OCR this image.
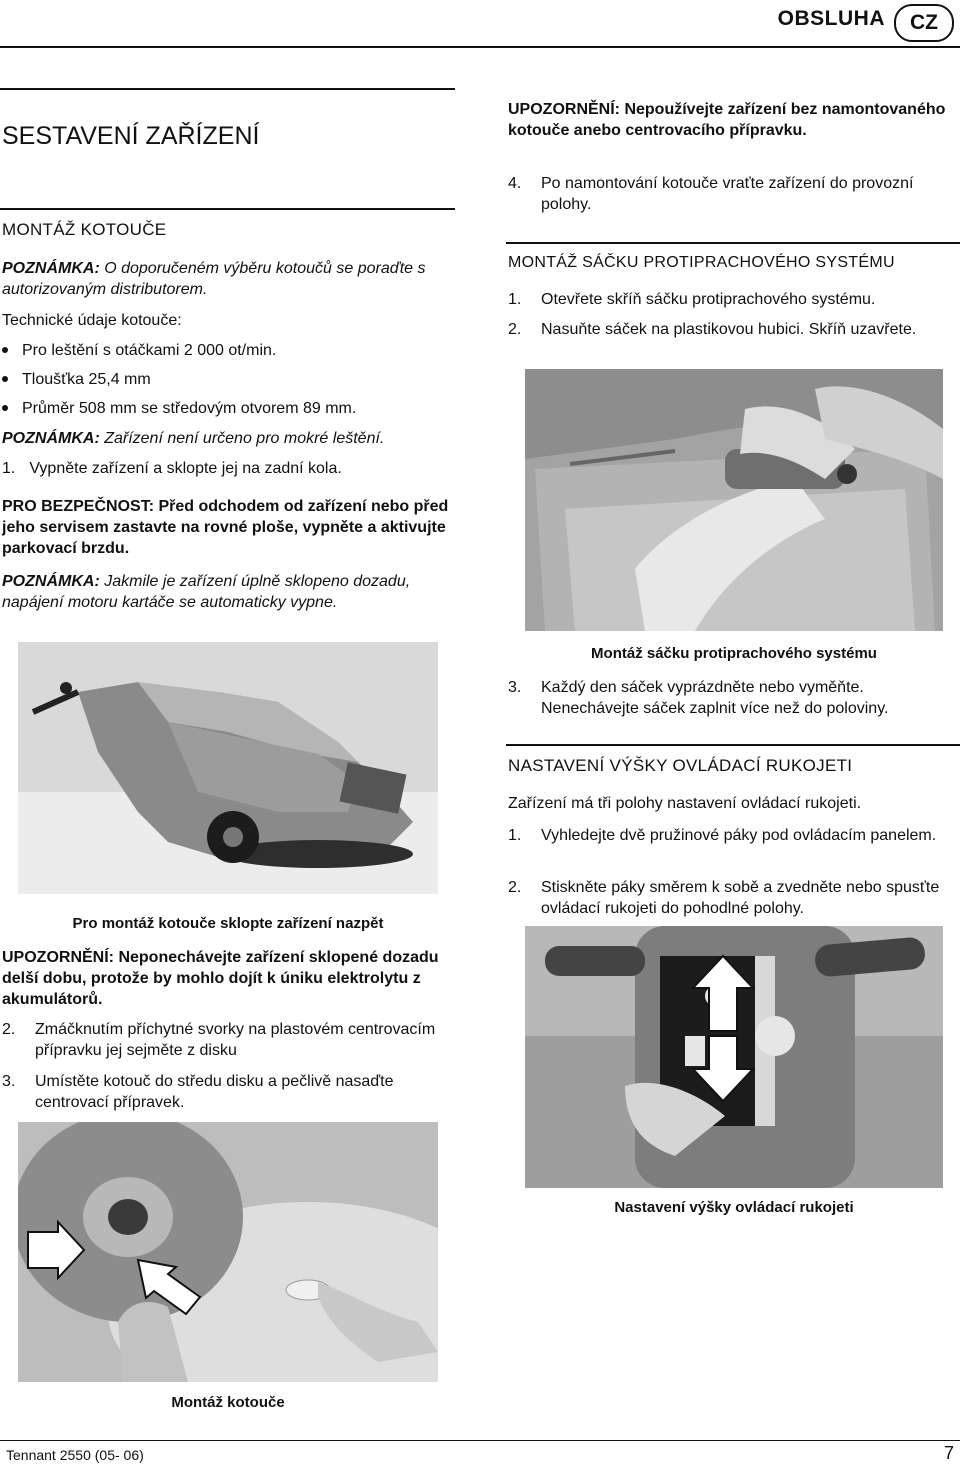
OBSLUHA	CZ
SESTAVENÍ ZAŘÍZENÍ
MONTÁŽ KOTOUČE
POZNÁMKA: O doporučeném výběru kotoučů se poraďte s autorizovaným distributorem.
Technické údaje kotouče:
Pro leštění s otáčkami 2 000 ot/min.
Tloušťka 25,4 mm
Průměr 508 mm se středovým otvorem 89 mm.
POZNÁMKA: Zařízení není určeno pro mokré leštění.
1. Vypněte zařízení a sklopte jej na zadní kola.
PRO BEZPEČNOST: Před odchodem od zařízení nebo před jeho servisem zastavte na rovné ploše, vypněte a aktivujte parkovací brzdu.
POZNÁMKA: Jakmile je zařízení úplně sklopeno dozadu, napájení motoru kartáče se automaticky vypne.
Pro montáž kotouče sklopte zařízení nazpět
UPOZORNĚNÍ: Neponechávejte zařízení sklopené dozadu delší dobu, protože by mohlo dojít k úniku elektrolytu z akumulátorů.
2.	Zmáčknutím příchytné svorky na plastovém centrovacím přípravku jej sejměte z disku
3.	Umístěte kotouč do středu disku a pečlivě nasaďte centrovací přípravek.
Montáž kotouče
UPOZORNĚNÍ: Nepoužívejte zařízení bez namontovaného kotouče anebo centrovacího přípravku.
4.	Po namontování kotouče vraťte zařízení do provozní polohy.
MONTÁŽ SÁČKU PROTIPRACHOVÉHO SYSTÉMU
1.	Otevřete skříň sáčku protiprachového systému.
2.	Nasuňte sáček na plastikovou hubici. Skříň uzavřete.
Montáž sáčku protiprachového systému
3.	Každý den sáček vyprázdněte nebo vyměňte. Nenechávejte sáček zaplnit více než do poloviny.
NASTAVENÍ VÝŠKY OVLÁDACÍ RUKOJETI
Zařízení má tři polohy nastavení ovládací rukojeti.
1.	Vyhledejte dvě pružinové páky pod ovládacím panelem.
2.	Stiskněte páky směrem k sobě a zvedněte nebo spusťte ovládací rukojeti do pohodlné polohy.
Nastavení výšky ovládací rukojeti
Tennant 2550 (05- 06)	7
